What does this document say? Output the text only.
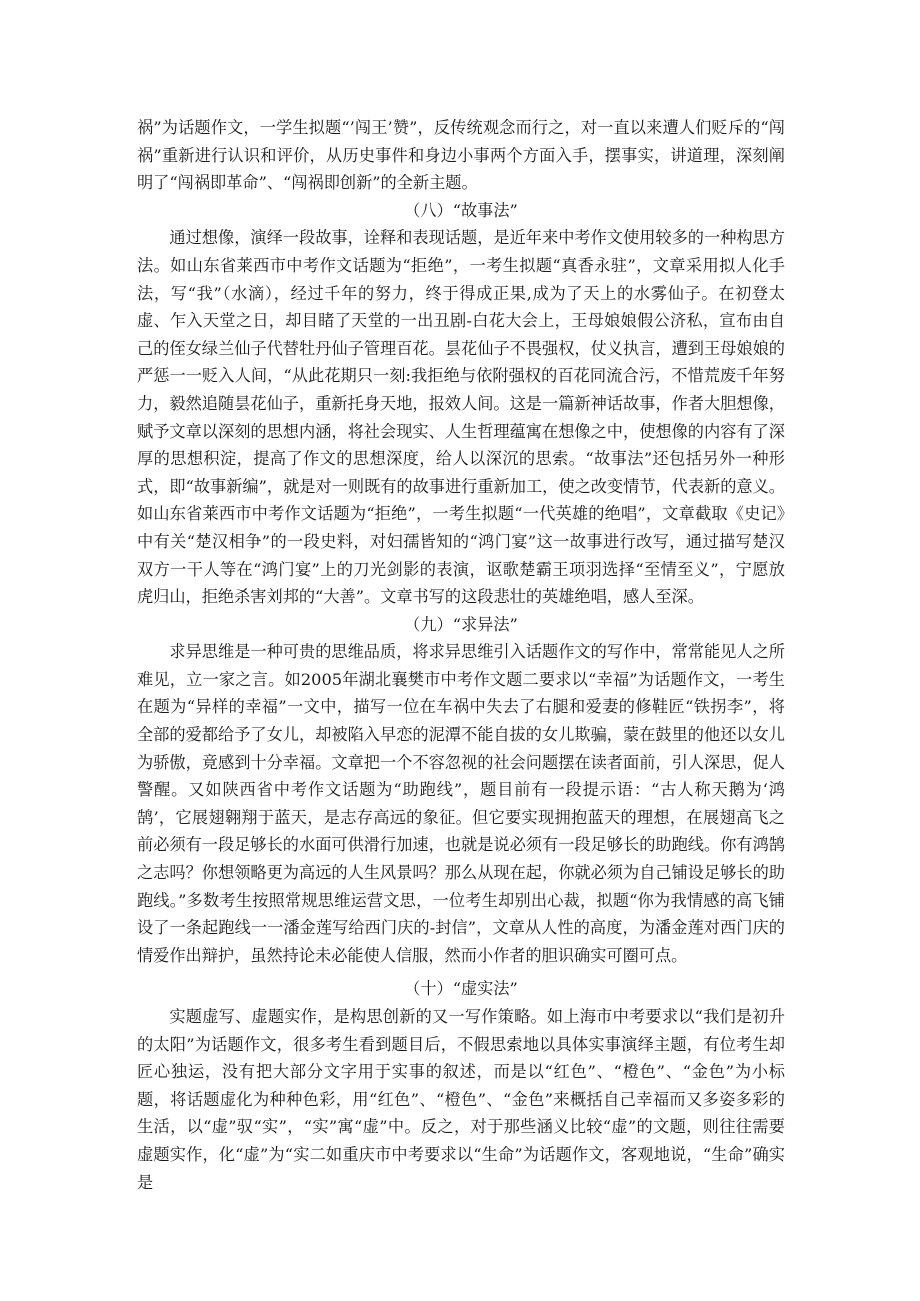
祸”为话题作文，一学生拟题“’闯王’赞”，反传统观念而行之，对一直以来遭人们贬斥的“闯祸”重新进行认识和评价，从历史事件和身边小事两个方面入手，摆事实，讲道理，深刻阐明了“闯祸即革命”、“闯祸即创新”的全新主题。

（八）“故事法”

通过想像，演绎一段故事，诠释和表现话题，是近年来中考作文使用较多的一种构思方法。如山东省莱西市中考作文话题为“拒绝”，一考生拟题“真香永驻”，文章采用拟人化手法，写“我”（水滴），经过千年的努力，终于得成正果,成为了天上的水雾仙子。在初登太虚、乍入天堂之日，却目睹了天堂的一出丑剧-白花大会上，王母娘娘假公济私，宣布由自己的侄女绿兰仙子代替牡丹仙子管理百花。昙花仙子不畏强权，仗义执言，遭到王母娘娘的严惩一一贬入人间，“从此花期只一刻:我拒绝与依附强权的百花同流合污，不惜荒废千年努力，毅然追随昙花仙子，重新托身天地，报效人间。这是一篇新神话故事，作者大胆想像，赋予文章以深刻的思想内涵，将社会现实、人生哲理蕴寓在想像之中，使想像的内容有了深厚的思想积淀，提高了作文的思想深度，给人以深沉的思索。“故事法”还包括另外一种形式，即“故事新编”，就是对一则既有的故事进行重新加工，使之改变情节，代表新的意义。如山东省莱西市中考作文话题为“拒绝”，一考生拟题“一代英雄的绝唱”，文章截取《史记》中有关“楚汉相争”的一段史料，对妇孺皆知的“鸿门宴”这一故事进行改写，通过描写楚汉双方一干人等在“鸿门宴”上的刀光剑影的表演，讴歌楚霸王项羽选择“至情至义”，宁愿放虎归山，拒绝杀害刘邦的“大善”。文章书写的这段悲壮的英雄绝唱，感人至深。

（九）“求异法”

求异思维是一种可贵的思维品质，将求异思维引入话题作文的写作中，常常能见人之所难见，立一家之言。如2005年湖北襄樊市中考作文题二要求以“幸福”为话题作文，一考生在题为“异样的幸福”一文中，描写一位在车祸中失去了右腿和爱妻的修鞋匠“铁拐李”，将全部的爱都给予了女儿，却被陷入早恋的泥潭不能自拔的女儿欺骗，蒙在鼓里的他还以女儿为骄傲，竟感到十分幸福。文章把一个不容忽视的社会问题摆在读者面前，引人深思，促人警醒。又如陕西省中考作文话题为“助跑线”，题目前有一段提示语：“古人称天鹅为‘鸿鹄’，它展翅翱翔于蓝天，是志存高远的象征。但它要实现拥抱蓝天的理想，在展翅高飞之前必须有一段足够长的水面可供滑行加速，也就是说必须有一段足够长的助跑线。你有鸿鹄之志吗？你想领略更为高远的人生风景吗？那么从现在起，你就必须为自己铺设足够长的助跑线。”多数考生按照常规思维运营文思，一位考生却别出心裁，拟题“你为我情感的高飞铺设了一条起跑线一一潘金莲写给西门庆的-封信”，文章从人性的高度，为潘金莲对西门庆的情爱作出辩护，虽然持论未必能使人信服，然而小作者的胆识确实可圈可点。

（十）“虚实法”

实题虚写、虚题实作，是构思创新的又一写作策略。如上海市中考要求以“我们是初升的太阳”为话题作文，很多考生看到题目后，不假思索地以具体实事演绎主题，有位考生却匠心独运，没有把大部分文字用于实事的叙述，而是以“红色”、“橙色”、“金色”为小标题，将话题虚化为种种色彩，用“红色”、“橙色”、“金色”来概括自己幸福而又多姿多彩的生活，以“虚”驭“实”，“实”寓“虚”中。反之，对于那些涵义比较“虚”的文题，则往往需要虚题实作，化“虚”为“实二如重庆市中考要求以“生命”为话题作文，客观地说，“生命”确实是
